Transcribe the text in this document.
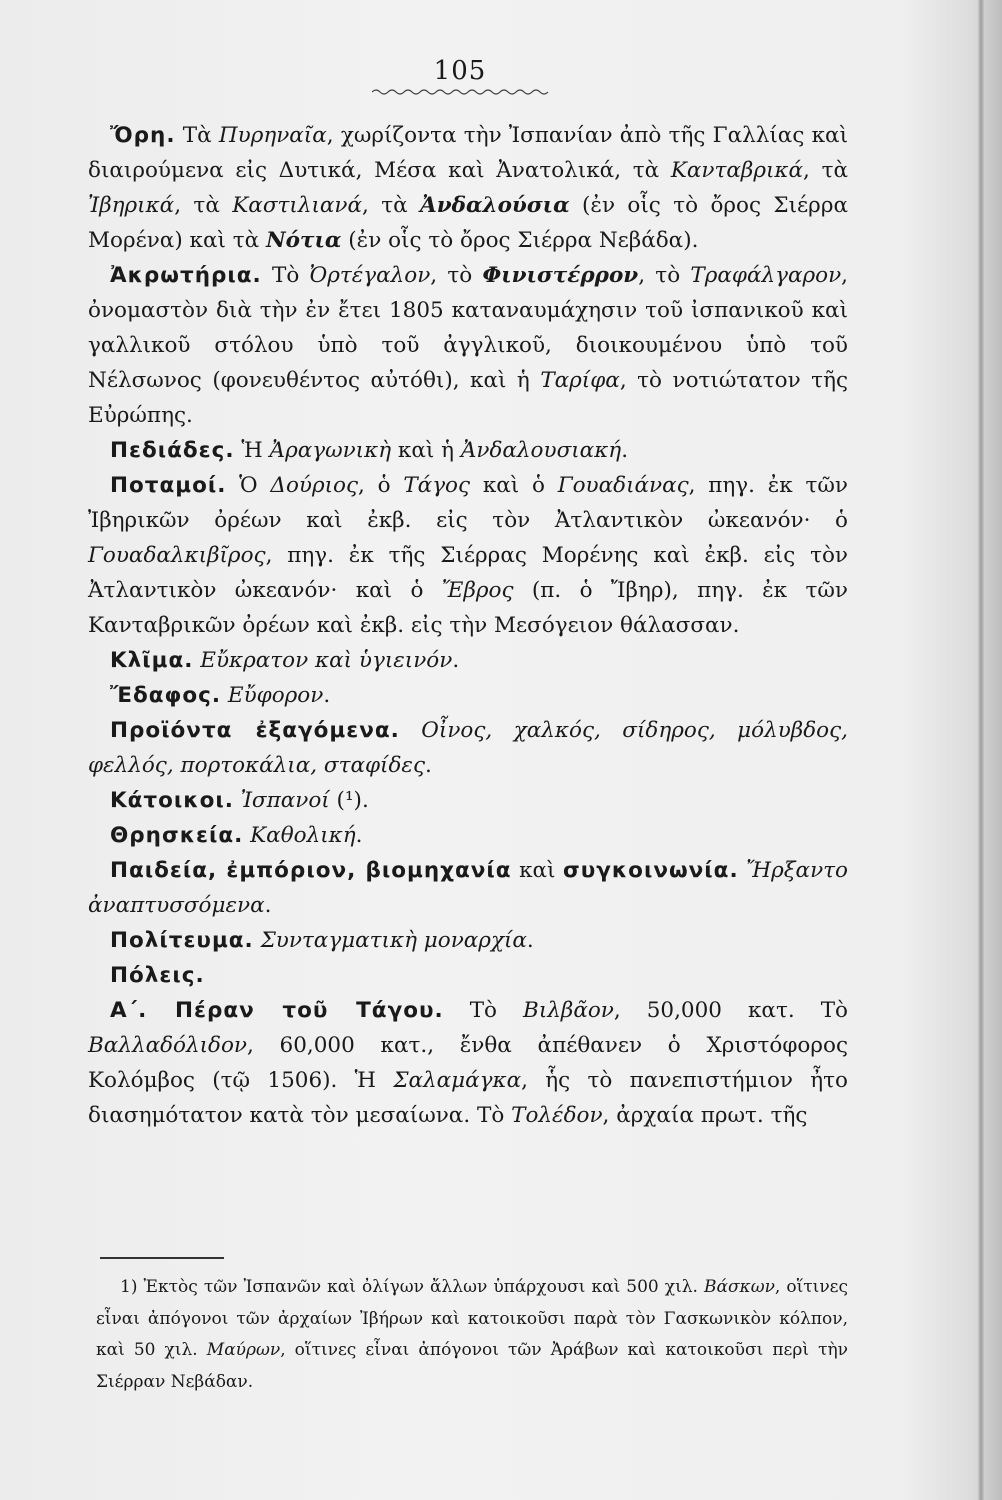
105

Ὄρη. Τὰ Πυρηναῖα, χωρίζοντα τὴν Ἰσπανίαν ἀπὸ τῆς Γαλλίας καὶ διαιρούμενα εἰς Δυτικά, Μέσα καὶ Ἀνατολικά, τὰ Κανταβρικά, τὰ Ἰβηρικά, τὰ Καστιλιανά, τὰ Ἀνδαλούσια (ἐν οἷς τὸ ὄρος Σιέρρα Μορένα) καὶ τὰ Νότια (ἐν οἷς τὸ ὄρος Σιέρρα Νεβάδα).

Ἀκρωτήρια. Τὸ Ὀρτέγαλον, τὸ Φινιστέρρον, τὸ Τραφάλγαρον, ὀνομαστὸν διὰ τὴν ἐν ἔτει 1805 καταναυμάχησιν τοῦ ἰσπανικοῦ καὶ γαλλικοῦ στόλου ὑπὸ τοῦ ἀγγλικοῦ, διοικουμένου ὑπὸ τοῦ Νέλσωνος (φονευθέντος αὐτόθι), καὶ ἡ Ταρίφα, τὸ νοτιώτατον τῆς Εὐρώπης.

Πεδιάδες. Ἡ Ἀραγωνικὴ καὶ ἡ Ἀνδαλουσιακή.

Ποταμοί. Ὁ Δούριος, ὁ Τάγος καὶ ὁ Γουαδιάνας, πηγ. ἐκ τῶν Ἰβηρικῶν ὀρέων καὶ ἐκβ. εἰς τὸν Ἀτλαντικὸν ὠκεανόν· ὁ Γουαδαλκιβῖρος, πηγ. ἐκ τῆς Σιέρρας Μορένης καὶ ἐκβ. εἰς τὸν Ἀτλαντικὸν ὠκεανόν· καὶ ὁ Ἔβρος (π. ὁ Ἴβηρ), πηγ. ἐκ τῶν Κανταβρικῶν ὀρέων καὶ ἐκβ. εἰς τὴν Μεσόγειον θάλασσαν.

Κλῖμα. Εὔκρατον καὶ ὑγιεινόν.

Ἔδαφος. Εὔφορον.

Προϊόντα ἐξαγόμενα. Οἶνος, χαλκός, σίδηρος, μόλυβδος, φελλός, πορτοκάλια, σταφίδες.

Κάτοικοι. Ἰσπανοί (¹).

Θρησκεία. Καθολική.

Παιδεία, ἐμπόριον, βιομηχανία καὶ συγκοινωνία. Ἤρξαντο ἀναπτυσσόμενα.

Πολίτευμα. Συνταγματικὴ μοναρχία.

Πόλεις.

Α΄. Πέραν τοῦ Τάγου. Τὸ Βιλβᾶον, 50,000 κατ. Τὸ Βαλλαδόλιδον, 60,000 κατ., ἔνθα ἀπέθανεν ὁ Χριστόφορος Κολόμβος (τῷ 1506). Ἡ Σαλαμάγκα, ἧς τὸ πανεπιστήμιον ἦτο διασημότατον κατὰ τὸν μεσαίωνα. Τὸ Τολέδον, ἀρχαία πρωτ. τῆς

1) Ἐκτὸς τῶν Ἰσπανῶν καὶ ὀλίγων ἄλλων ὑπάρχουσι καὶ 500 χιλ. Βάσκων, οἵτινες εἶναι ἀπόγονοι τῶν ἀρχαίων Ἰβήρων καὶ κατοικοῦσι παρὰ τὸν Γασκωνικὸν κόλπον, καὶ 50 χιλ. Μαύρων, οἵτινες εἶναι ἀπόγονοι τῶν Ἀράβων καὶ κατοικοῦσι περὶ τὴν Σιέρραν Νεβάδαν.
